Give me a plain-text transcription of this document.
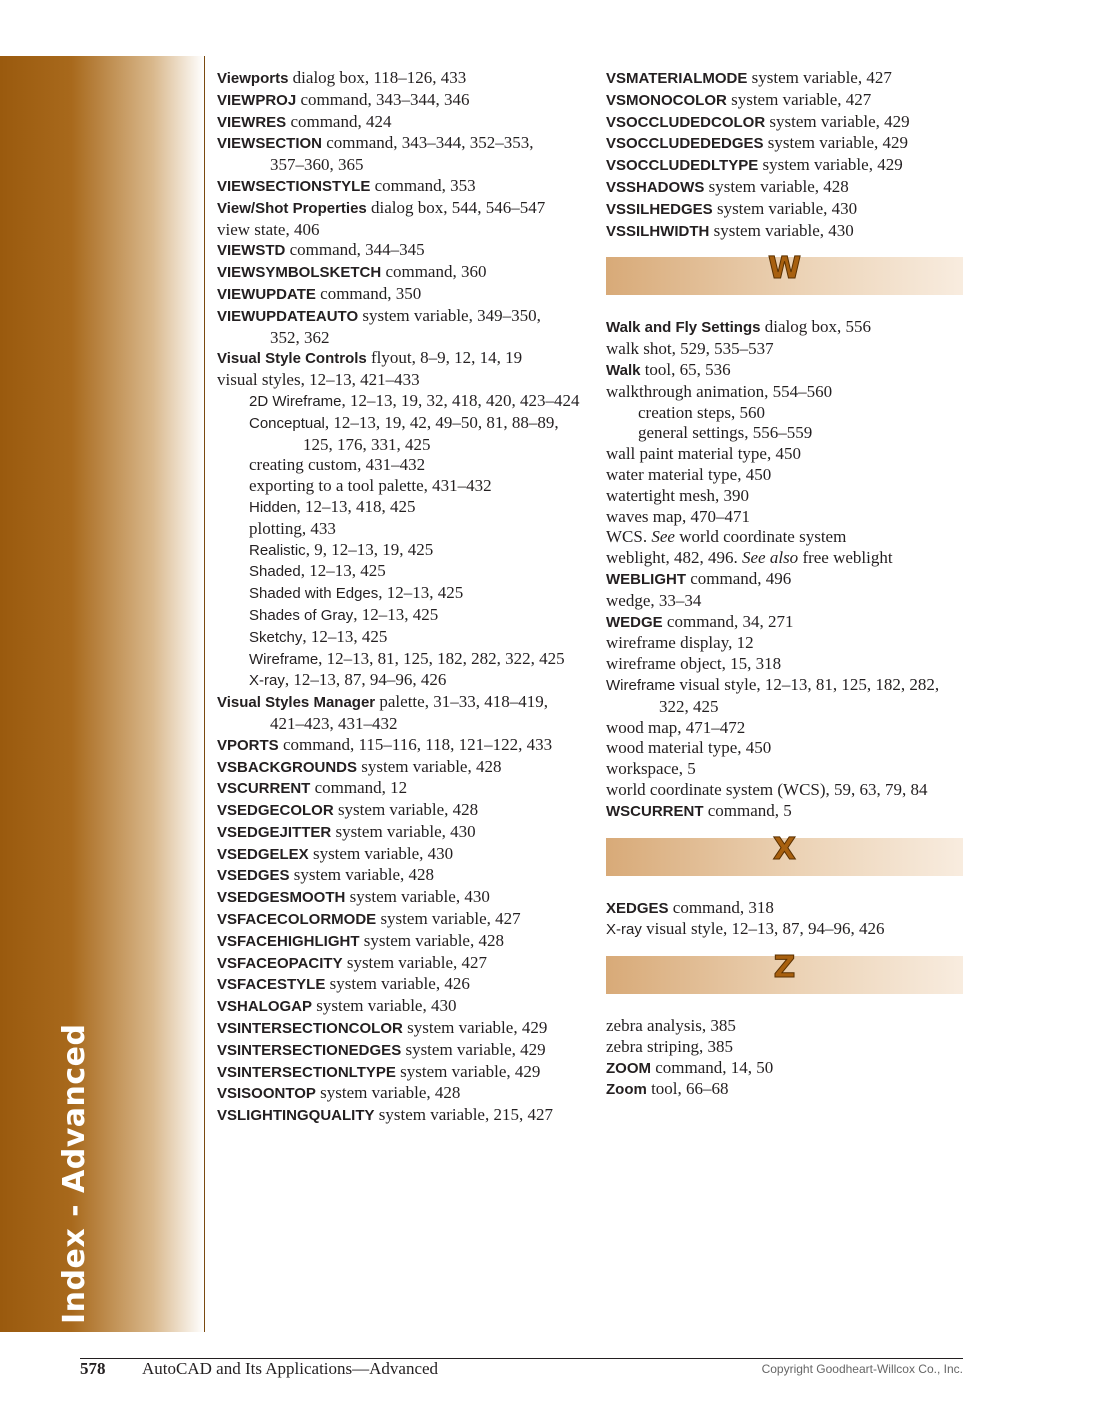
Index - Advanced
Viewports dialog box, 118–126, 433
VIEWPROJ command, 343–344, 346
VIEWRES command, 424
VIEWSECTION command, 343–344, 352–353,
357–360, 365
VIEWSECTIONSTYLE command, 353
View/Shot Properties dialog box, 544, 546–547
view state, 406
VIEWSTD command, 344–345
VIEWSYMBOLSKETCH command, 360
VIEWUPDATE command, 350
VIEWUPDATEAUTO system variable, 349–350,
352, 362
Visual Style Controls flyout, 8–9, 12, 14, 19
visual styles, 12–13, 421–433
2D Wireframe, 12–13, 19, 32, 418, 420, 423–424
Conceptual, 12–13, 19, 42, 49–50, 81, 88–89,
125, 176, 331, 425
creating custom, 431–432
exporting to a tool palette, 431–432
Hidden, 12–13, 418, 425
plotting, 433
Realistic, 9, 12–13, 19, 425
Shaded, 12–13, 425
Shaded with Edges, 12–13, 425
Shades of Gray, 12–13, 425
Sketchy, 12–13, 425
Wireframe, 12–13, 81, 125, 182, 282, 322, 425
X-ray, 12–13, 87, 94–96, 426
Visual Styles Manager palette, 31–33, 418–419,
421–423, 431–432
VPORTS command, 115–116, 118, 121–122, 433
VSBACKGROUNDS system variable, 428
VSCURRENT command, 12
VSEDGECOLOR system variable, 428
VSEDGEJITTER system variable, 430
VSEDGELEX system variable, 430
VSEDGES system variable, 428
VSEDGESMOOTH system variable, 430
VSFACECOLORMODE system variable, 427
VSFACEHIGHLIGHT system variable, 428
VSFACEOPACITY system variable, 427
VSFACESTYLE system variable, 426
VSHALOGAP system variable, 430
VSINTERSECTIONCOLOR system variable, 429
VSINTERSECTIONEDGES system variable, 429
VSINTERSECTIONLTYPE system variable, 429
VSISOONTOP system variable, 428
VSLIGHTINGQUALITY system variable, 215, 427
VSMATERIALMODE system variable, 427
VSMONOCOLOR system variable, 427
VSOCCLUDEDCOLOR system variable, 429
VSOCCLUDEDEDGES system variable, 429
VSOCCLUDEDLTYPE system variable, 429
VSSHADOWS system variable, 428
VSSILHEDGES system variable, 430
VSSILHWIDTH system variable, 430
W
Walk and Fly Settings dialog box, 556
walk shot, 529, 535–537
Walk tool, 65, 536
walkthrough animation, 554–560
creation steps, 560
general settings, 556–559
wall paint material type, 450
water material type, 450
watertight mesh, 390
waves map, 470–471
WCS. See world coordinate system
weblight, 482, 496. See also free weblight
WEBLIGHT command, 496
wedge, 33–34
WEDGE command, 34, 271
wireframe display, 12
wireframe object, 15, 318
Wireframe visual style, 12–13, 81, 125, 182, 282,
322, 425
wood map, 471–472
wood material type, 450
workspace, 5
world coordinate system (WCS), 59, 63, 79, 84
WSCURRENT command, 5
X
XEDGES command, 318
X-ray visual style, 12–13, 87, 94–96, 426
Z
zebra analysis, 385
zebra striping, 385
ZOOM command, 14, 50
Zoom tool, 66–68
578 AutoCAD and Its Applications—Advanced	Copyright Goodheart-Willcox Co., Inc.
